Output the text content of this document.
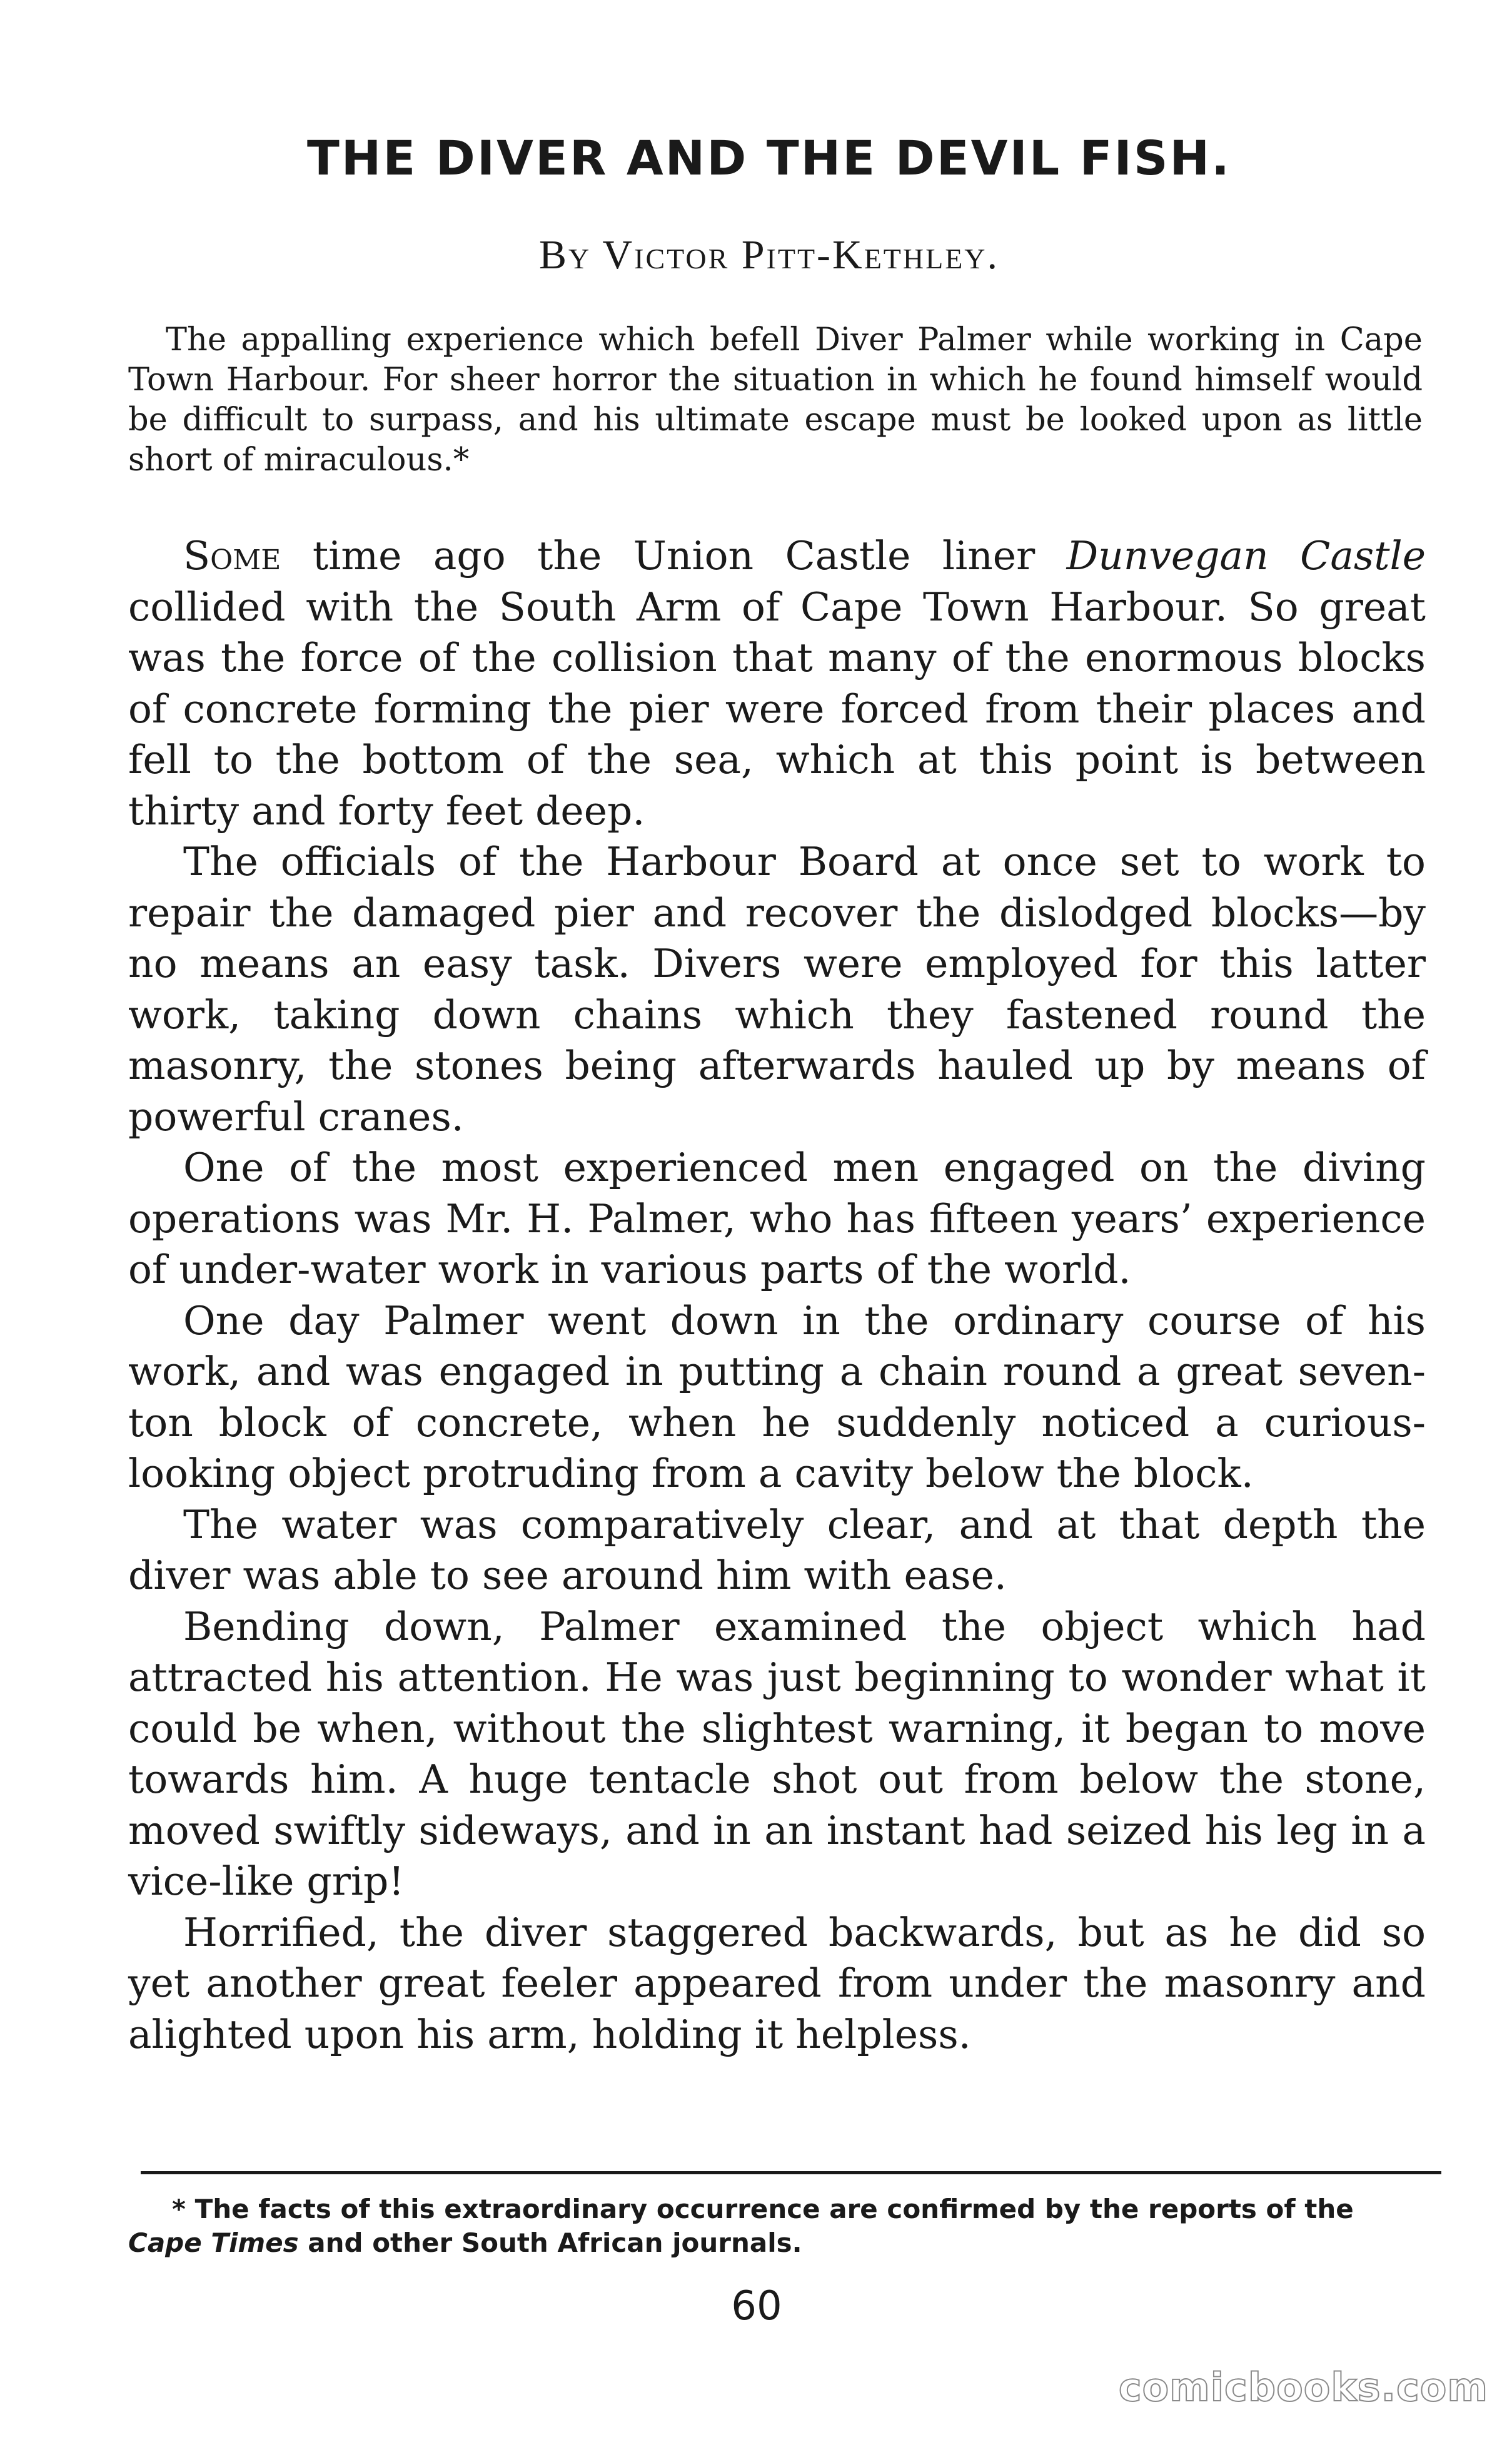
THE DIVER AND THE DEVIL FISH.
By Victor Pitt-Kethley.

The appalling experience which befell Diver Palmer while working in Cape Town Harbour. For sheer horror the situation in which he found himself would be difficult to surpass, and his ultimate escape must be looked upon as little short of miraculous.*

Some time ago the Union Castle liner Dunvegan Castle collided with the South Arm of Cape Town Harbour. So great was the force of the collision that many of the enormous blocks of concrete forming the pier were forced from their places and fell to the bottom of the sea, which at this point is between thirty and forty feet deep.

The officials of the Harbour Board at once set to work to repair the damaged pier and recover the dislodged blocks—by no means an easy task. Divers were employed for this latter work, taking down chains which they fastened round the masonry, the stones being afterwards hauled up by means of powerful cranes.

One of the most experienced men engaged on the diving operations was Mr. H. Palmer, who has fifteen years’ experience of under-water work in various parts of the world.

One day Palmer went down in the ordinary course of his work, and was engaged in putting a chain round a great seven-ton block of concrete, when he suddenly noticed a curious-looking object protruding from a cavity below the block.

The water was comparatively clear, and at that depth the diver was able to see around him with ease.

Bending down, Palmer examined the object which had attracted his attention. He was just beginning to wonder what it could be when, without the slightest warning, it began to move towards him. A huge tentacle shot out from below the stone, moved swiftly sideways, and in an instant had seized his leg in a vice-like grip!

Horrified, the diver staggered backwards, but as he did so yet another great feeler appeared from under the masonry and alighted upon his arm, holding it helpless.

* The facts of this extraordinary occurrence are confirmed by the reports of the Cape Times and other South African journals.
60
comicbooks.com
